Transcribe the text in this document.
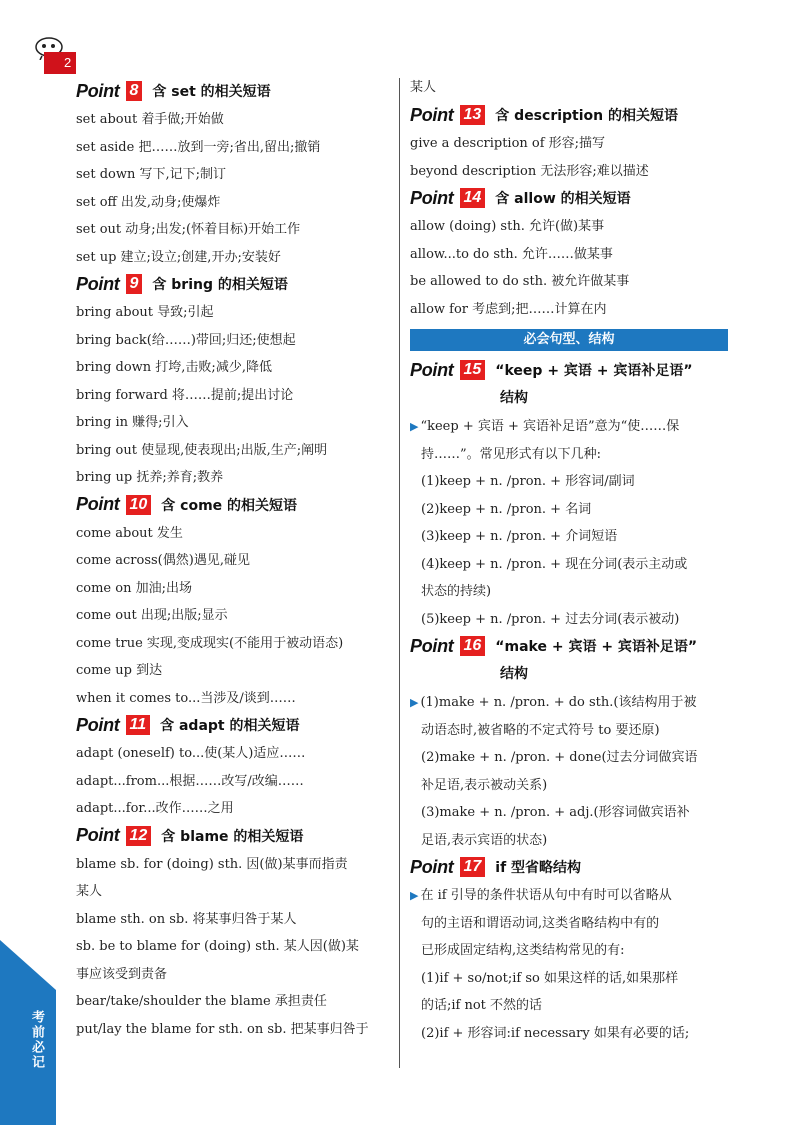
2
考前必记
Point 8 含 set 的相关短语
set about 着手做;开始做
set aside 把……放到一旁;省出,留出;撤销
set down 写下,记下;制订
set off 出发,动身;使爆炸
set out 动身;出发;(怀着目标)开始工作
set up 建立;设立;创建,开办;安装好
Point 9 含 bring 的相关短语
bring about 导致;引起
bring back(给……)带回;归还;使想起
bring down 打垮,击败;减少,降低
bring forward 将……提前;提出讨论
bring in 赚得;引入
bring out 使显现,使表现出;出版,生产;阐明
bring up 抚养;养育;教养
Point 10 含 come 的相关短语
come about 发生
come across(偶然)遇见,碰见
come on 加油;出场
come out 出现;出版;显示
come true 实现,变成现实(不能用于被动语态)
come up 到达
when it comes to...当涉及/谈到……
Point 11 含 adapt 的相关短语
adapt (oneself) to...使(某人)适应……
adapt...from...根据……改写/改编……
adapt...for...改作……之用
Point 12 含 blame 的相关短语
blame sb. for (doing) sth. 因(做)某事而指责
某人
blame sth. on sb. 将某事归咎于某人
sb. be to blame for (doing) sth. 某人因(做)某
事应该受到责备
bear/take/shoulder the blame 承担责任
put/lay the blame for sth. on sb. 把某事归咎于
某人
Point 13 含 description 的相关短语
give a description of 形容;描写
beyond description 无法形容;难以描述
Point 14 含 allow 的相关短语
allow (doing) sth. 允许(做)某事
allow...to do sth. 允许……做某事
be allowed to do sth. 被允许做某事
allow for 考虑到;把……计算在内
必会句型、结构
Point 15 “keep + 宾语 + 宾语补足语”
结构
▶ “keep + 宾语 + 宾语补足语”意为“使……保
持……”。常见形式有以下几种:
(1)keep + n. /pron. + 形容词/副词
(2)keep + n. /pron. + 名词
(3)keep + n. /pron. + 介词短语
(4)keep + n. /pron. + 现在分词(表示主动或
状态的持续)
(5)keep + n. /pron. + 过去分词(表示被动)
Point 16 “make + 宾语 + 宾语补足语”
结构
▶ (1)make + n. /pron. + do sth.(该结构用于被
动语态时,被省略的不定式符号 to 要还原)
(2)make + n. /pron. + done(过去分词做宾语
补足语,表示被动关系)
(3)make + n. /pron. + adj.(形容词做宾语补
足语,表示宾语的状态)
Point 17 if 型省略结构
▶ 在 if 引导的条件状语从句中有时可以省略从
句的主语和谓语动词,这类省略结构中有的
已形成固定结构,这类结构常见的有:
(1)if + so/not;if so 如果这样的话,如果那样
的话;if not 不然的话
(2)if + 形容词:if necessary 如果有必要的话;
